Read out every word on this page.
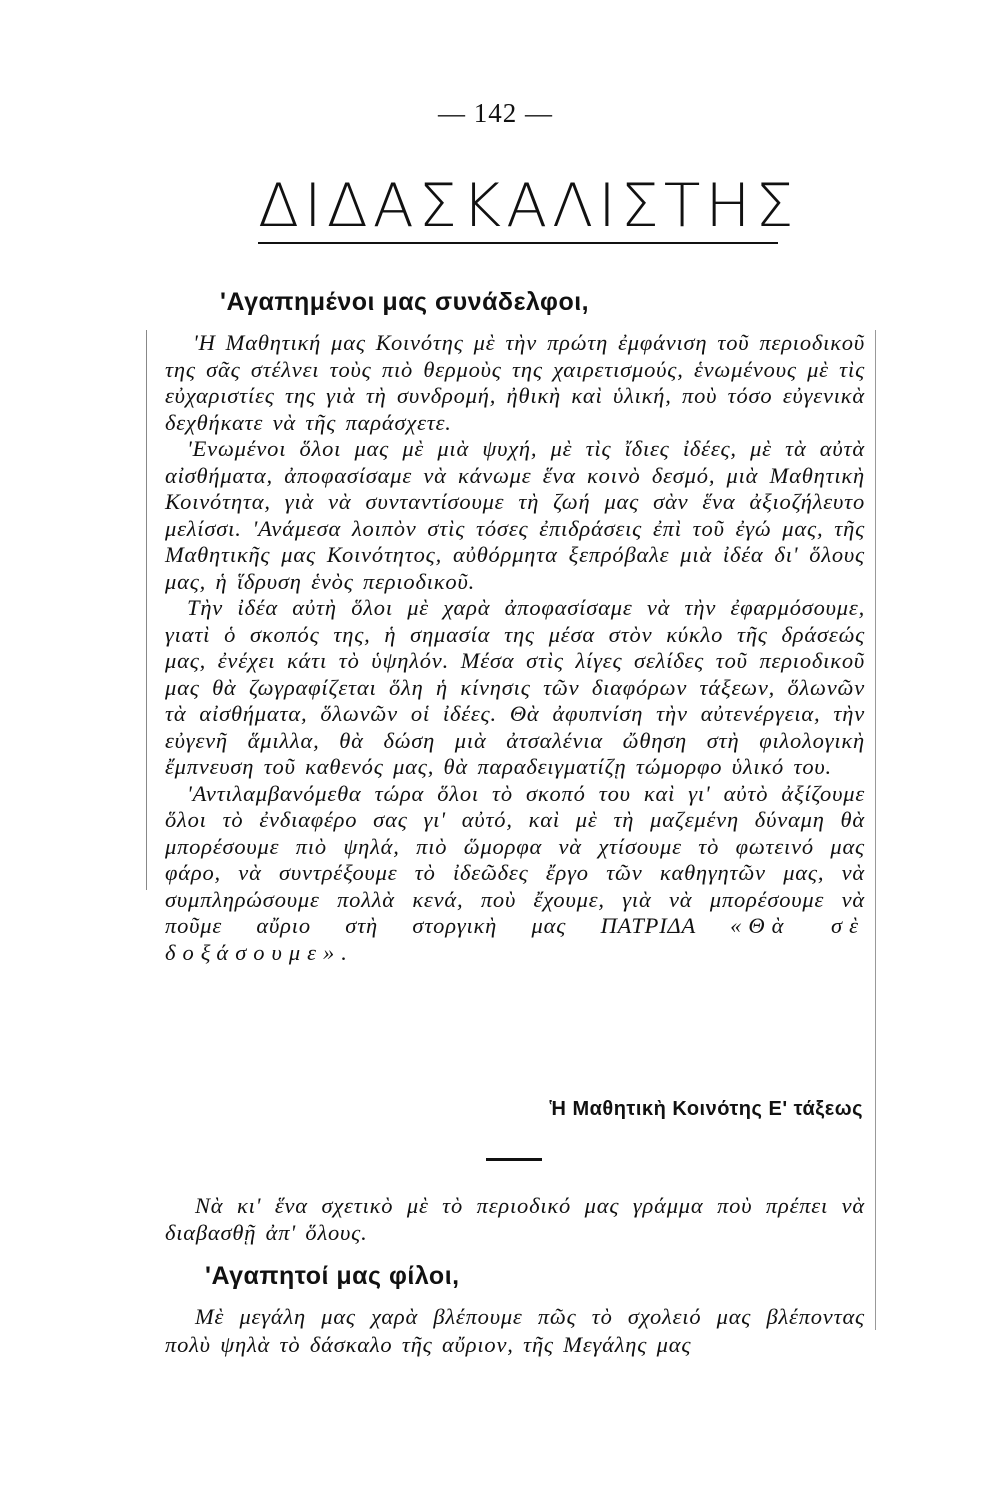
— 142 —
ΔΙΔΑΣΚΑΛΙΣΤΗΣ
'Αγαπημένοι μας συνάδελφοι,

'Η Μαθητική μας Κοινότης μὲ τὴν πρώτη ἐμφάνιση τοῦ περιοδικοῦ της σᾶς στέλνει τοὺς πιὸ θερμοὺς της χαιρετισμούς, ἑνωμένους μὲ τὶς εὐχαριστίες της γιὰ τὴ συνδρομή, ἠθικὴ καὶ ὑλική, ποὺ τόσο εὐγενικὰ δεχθήκατε νὰ τῆς παράσχετε.

'Ενωμένοι ὅλοι μας μὲ μιὰ ψυχή, μὲ τὶς ἴδιες ἰδέες, μὲ τὰ αὐτὰ αἰσθήματα, ἀποφασίσαμε νὰ κάνωμε ἕνα κοινὸ δεσμό, μιὰ Μαθητικὴ Κοινότητα, γιὰ νὰ συνταντίσουμε τὴ ζωή μας σὰν ἕνα ἀξιοζήλευτο μελίσσι. 'Ανάμεσα λοιπὸν στὶς τόσες ἐπιδράσεις ἐπὶ τοῦ ἐγώ μας, τῆς Μαθητικῆς μας Κοινότητος, αὐθόρμητα ξεπρόβαλε μιὰ ἰδέα δι' ὅλους μας, ἡ ἵδρυση ἑνὸς περιοδικοῦ.

Τὴν ἰδέα αὐτὴ ὅλοι μὲ χαρὰ ἀποφασίσαμε νὰ τὴν ἐφαρμόσουμε, γιατὶ ὁ σκοπός της, ἡ σημασία της μέσα στὸν κύκλο τῆς δράσεώς μας, ἐνέχει κάτι τὸ ὑψηλόν. Μέσα στὶς λίγες σελίδες τοῦ περιοδικοῦ μας θὰ ζωγραφίζεται ὅλη ἡ κίνησις τῶν διαφόρων τάξεων, ὅλωνῶν τὰ αἰσθήματα, ὅλωνῶν οἱ ἰδέες. Θὰ ἀφυπνίση τὴν αὐτενέργεια, τὴν εὐγενῆ ἅμιλλα, θὰ δώση μιὰ ἀτσαλένια ὤθηση στὴ φιλολογικὴ ἔμπνευση τοῦ καθενός μας, θὰ παραδειγματίζῃ τώμορφο ὑλικό του.

'Αντιλαμβανόμεθα τώρα ὅλοι τὸ σκοπό του καὶ γι' αὐτὸ ἀξίζουμε ὅλοι τὸ ἐνδιαφέρο σας γι' αὐτό, καὶ μὲ τὴ μαζεμένη δύναμη θὰ μπορέσουμε πιὸ ψηλά, πιὸ ὥμορφα νὰ χτίσουμε τὸ φωτεινό μας φάρο, νὰ συντρέξουμε τὸ ἰδεῶδες ἔργο τῶν καθηγητῶν μας, νὰ συμπληρώσουμε πολλὰ κενά, ποὺ ἔχουμε, γιὰ νὰ μπορέσουμε νὰ ποῦμε αὔριο στὴ στοργικὴ μας ΠΑΤΡΙΔΑ «Θὰ σὲ δοξάσουμε».

Ἡ Μαθητικὴ Κοινότης Ε' τάξεως
Νὰ κι' ἕνα σχετικὸ μὲ τὸ περιοδικό μας γράμμα ποὺ πρέπει νὰ διαβασθῇ ἀπ' ὅλους.
'Αγαπητοί μας φίλοι,
Μὲ μεγάλη μας χαρὰ βλέπουμε πῶς τὸ σχολειό μας βλέποντας πολὺ ψηλὰ τὸ δάσκαλο τῆς αὔριον, τῆς Μεγάλης μας
